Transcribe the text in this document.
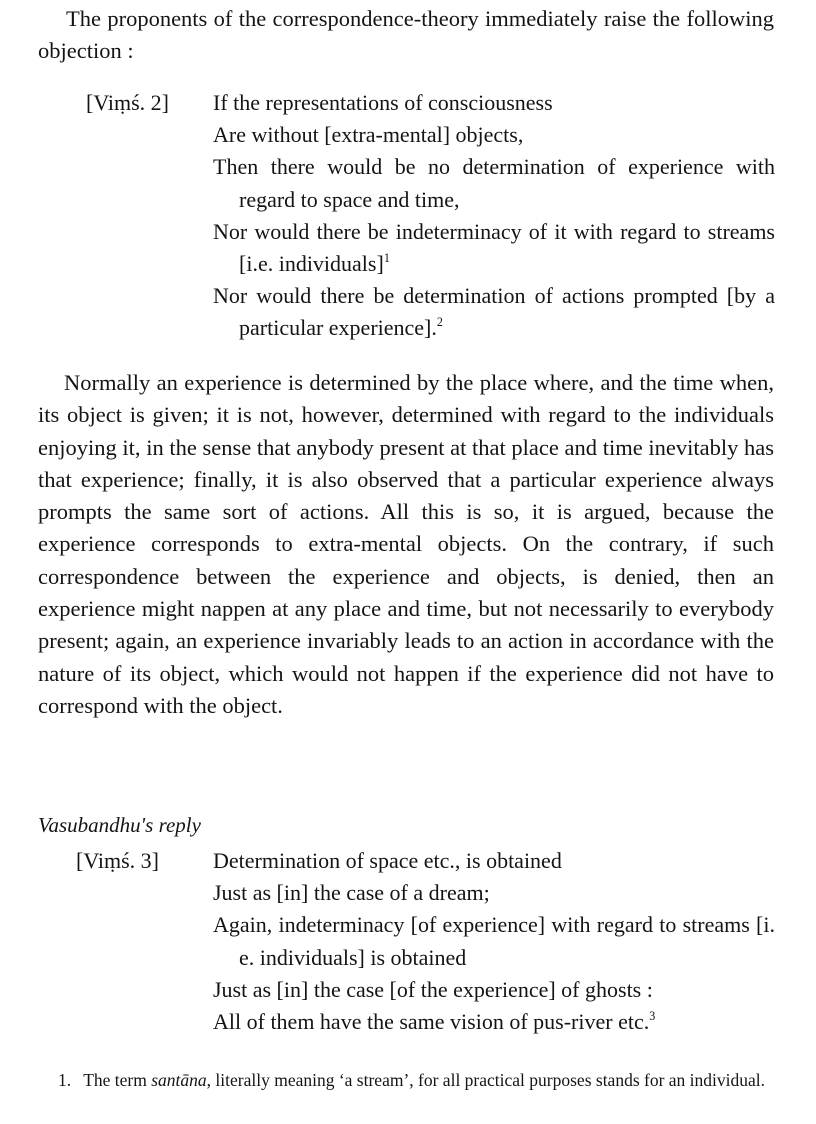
The proponents of the correspondence-theory immediately raise the following objection :

[Viṃś. 2] If the representations of consciousness
Are without [extra-mental] objects,
Then there would be no determination of experience with regard to space and time,
Nor would there be indeterminacy of it with regard to streams [i.e. individuals]$^1$
Nor would there be determination of actions prompted [by a particular experience].$^2$

Normally an experience is determined by the place where, and the time when, its object is given; it is not, however, determined with regard to the individuals enjoying it, in the sense that anybody present at that place and time inevitably has that experience; finally, it is also observed that a particular experience always prompts the same sort of actions. All this is so, it is argued, because the experience corresponds to extra-mental objects. On the contrary, if such correspondence between the experience and objects, is denied, then an experience might nappen at any place and time, but not necessarily to everybody present; again, an experience invariably leads to an action in accordance with the nature of its object, which would not happen if the experience did not have to correspond with the object.

Vasubandhu's reply
[Viṃś. 3] Determination of space etc., is obtained
Just as [in] the case of a dream;
Again, indeterminacy [of experience] with regard to streams [i. e. individuals] is obtained
Just as [in] the case [of the experience] of ghosts :
All of them have the same vision of pus-river etc.$^3$

1. The term santāna, literally meaning ‘a stream’, for all practical purposes stands for an individual.
